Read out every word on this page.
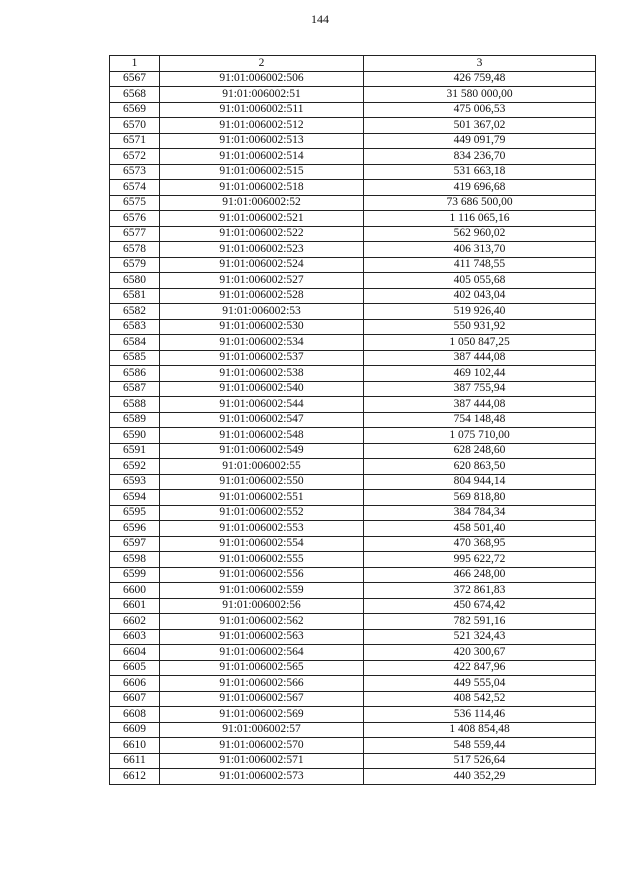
144
1	2	3
6567	91:01:006002:506	426 759,48
6568	91:01:006002:51	31 580 000,00
6569	91:01:006002:511	475 006,53
6570	91:01:006002:512	501 367,02
6571	91:01:006002:513	449 091,79
6572	91:01:006002:514	834 236,70
6573	91:01:006002:515	531 663,18
6574	91:01:006002:518	419 696,68
6575	91:01:006002:52	73 686 500,00
6576	91:01:006002:521	1 116 065,16
6577	91:01:006002:522	562 960,02
6578	91:01:006002:523	406 313,70
6579	91:01:006002:524	411 748,55
6580	91:01:006002:527	405 055,68
6581	91:01:006002:528	402 043,04
6582	91:01:006002:53	519 926,40
6583	91:01:006002:530	550 931,92
6584	91:01:006002:534	1 050 847,25
6585	91:01:006002:537	387 444,08
6586	91:01:006002:538	469 102,44
6587	91:01:006002:540	387 755,94
6588	91:01:006002:544	387 444,08
6589	91:01:006002:547	754 148,48
6590	91:01:006002:548	1 075 710,00
6591	91:01:006002:549	628 248,60
6592	91:01:006002:55	620 863,50
6593	91:01:006002:550	804 944,14
6594	91:01:006002:551	569 818,80
6595	91:01:006002:552	384 784,34
6596	91:01:006002:553	458 501,40
6597	91:01:006002:554	470 368,95
6598	91:01:006002:555	995 622,72
6599	91:01:006002:556	466 248,00
6600	91:01:006002:559	372 861,83
6601	91:01:006002:56	450 674,42
6602	91:01:006002:562	782 591,16
6603	91:01:006002:563	521 324,43
6604	91:01:006002:564	420 300,67
6605	91:01:006002:565	422 847,96
6606	91:01:006002:566	449 555,04
6607	91:01:006002:567	408 542,52
6608	91:01:006002:569	536 114,46
6609	91:01:006002:57	1 408 854,48
6610	91:01:006002:570	548 559,44
6611	91:01:006002:571	517 526,64
6612	91:01:006002:573	440 352,29
